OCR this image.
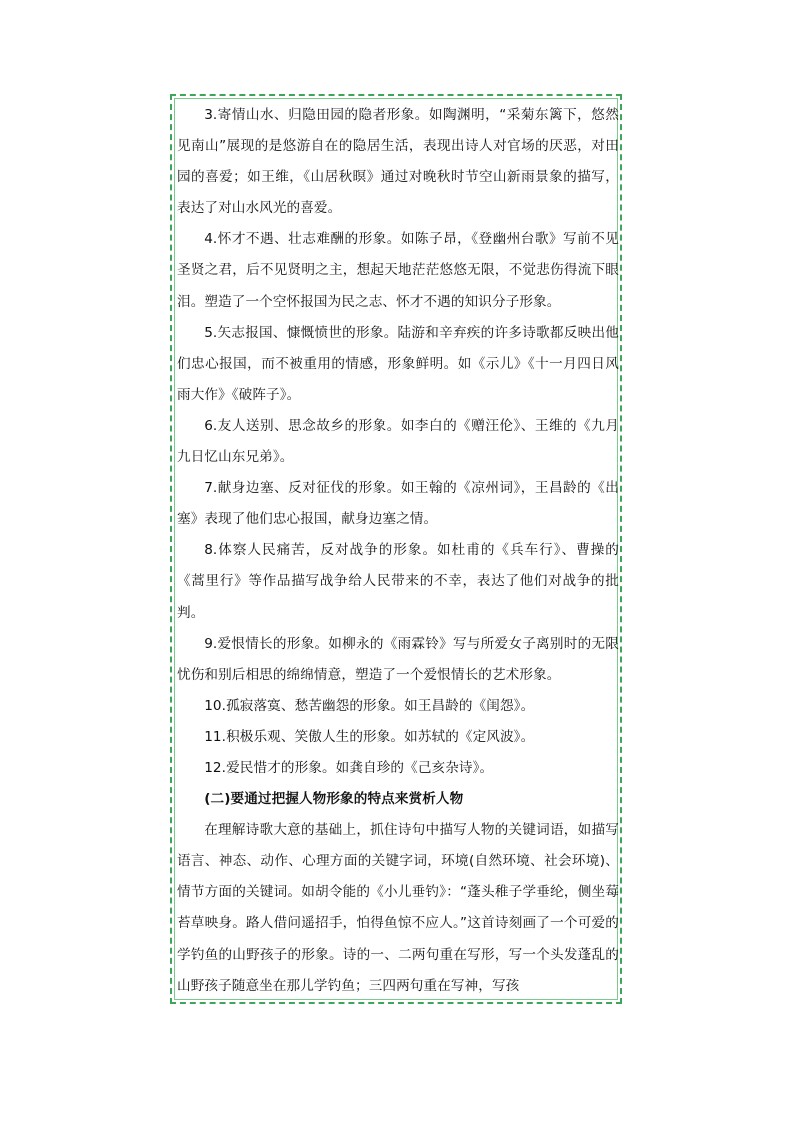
3.寄情山水、归隐田园的隐者形象。如陶渊明，“采菊东篱下，悠然见南山”展现的是悠游自在的隐居生活，表现出诗人对官场的厌恶，对田园的喜爱；如王维，《山居秋暝》通过对晚秋时节空山新雨景象的描写，表达了对山水风光的喜爱。

4.怀才不遇、壮志难酬的形象。如陈子昂，《登幽州台歌》写前不见圣贤之君，后不见贤明之主，想起天地茫茫悠悠无限，不觉悲伤得流下眼泪。塑造了一个空怀报国为民之志、怀才不遇的知识分子形象。

5.矢志报国、慷慨愤世的形象。陆游和辛弃疾的许多诗歌都反映出他们忠心报国，而不被重用的情感，形象鲜明。如《示儿》《十一月四日风雨大作》《破阵子》。

6.友人送别、思念故乡的形象。如李白的《赠汪伦》、王维的《九月九日忆山东兄弟》。

7.献身边塞、反对征伐的形象。如王翰的《凉州词》，王昌龄的《出塞》表现了他们忠心报国，献身边塞之情。

8.体察人民痛苦，反对战争的形象。如杜甫的《兵车行》、曹操的《蒿里行》等作品描写战争给人民带来的不幸，表达了他们对战争的批判。

9.爱恨情长的形象。如柳永的《雨霖铃》写与所爱女子离别时的无限忧伤和别后相思的绵绵情意，塑造了一个爱恨情长的艺术形象。

10.孤寂落寞、愁苦幽怨的形象。如王昌龄的《闺怨》。

11.积极乐观、笑傲人生的形象。如苏轼的《定风波》。

12.爱民惜才的形象。如龚自珍的《己亥杂诗》。

(二)要通过把握人物形象的特点来赏析人物

在理解诗歌大意的基础上，抓住诗句中描写人物的关键词语，如描写语言、神态、动作、心理方面的关键字词，环境(自然环境、社会环境)、情节方面的关键词。如胡令能的《小儿垂钓》：“蓬头稚子学垂纶，侧坐莓苔草映身。路人借问遥招手，怕得鱼惊不应人。”这首诗刻画了一个可爱的学钓鱼的山野孩子的形象。诗的一、二两句重在写形，写一个头发蓬乱的山野孩子随意坐在那儿学钓鱼；三四两句重在写神，写孩
